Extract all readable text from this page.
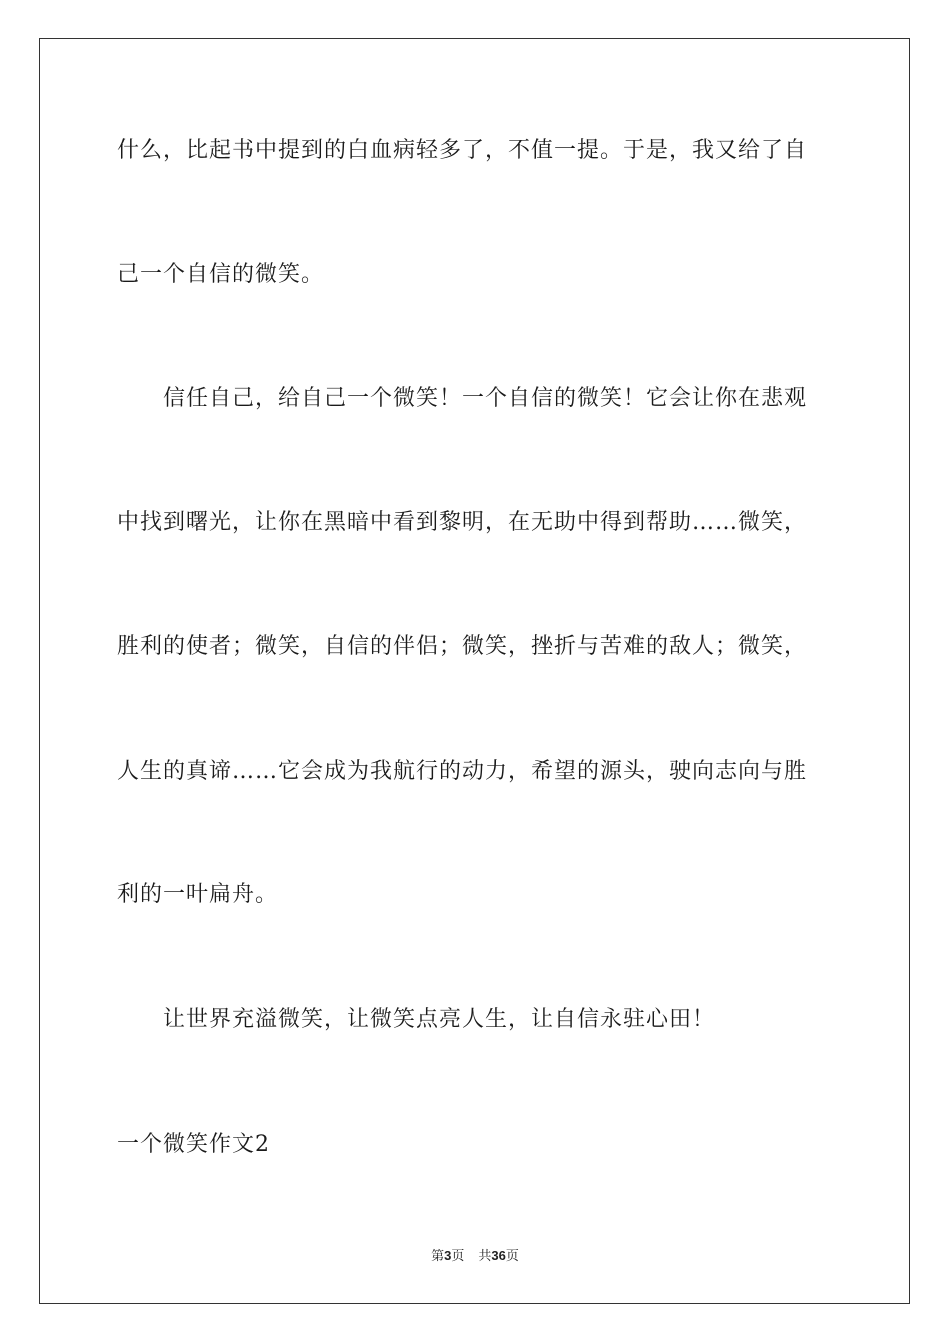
什么，比起书中提到的白血病轻多了，不值一提。于是，我又给了自
己一个自信的微笑。
信任自己，给自己一个微笑！一个自信的微笑！它会让你在悲观
中找到曙光，让你在黑暗中看到黎明，在无助中得到帮助……微笑，
胜利的使者；微笑，自信的伴侣；微笑，挫折与苦难的敌人；微笑，
人生的真谛……它会成为我航行的动力，希望的源头，驶向志向与胜
利的一叶扁舟。
让世界充溢微笑，让微笑点亮人生，让自信永驻心田！
一个微笑作文2
第3页 共36页
